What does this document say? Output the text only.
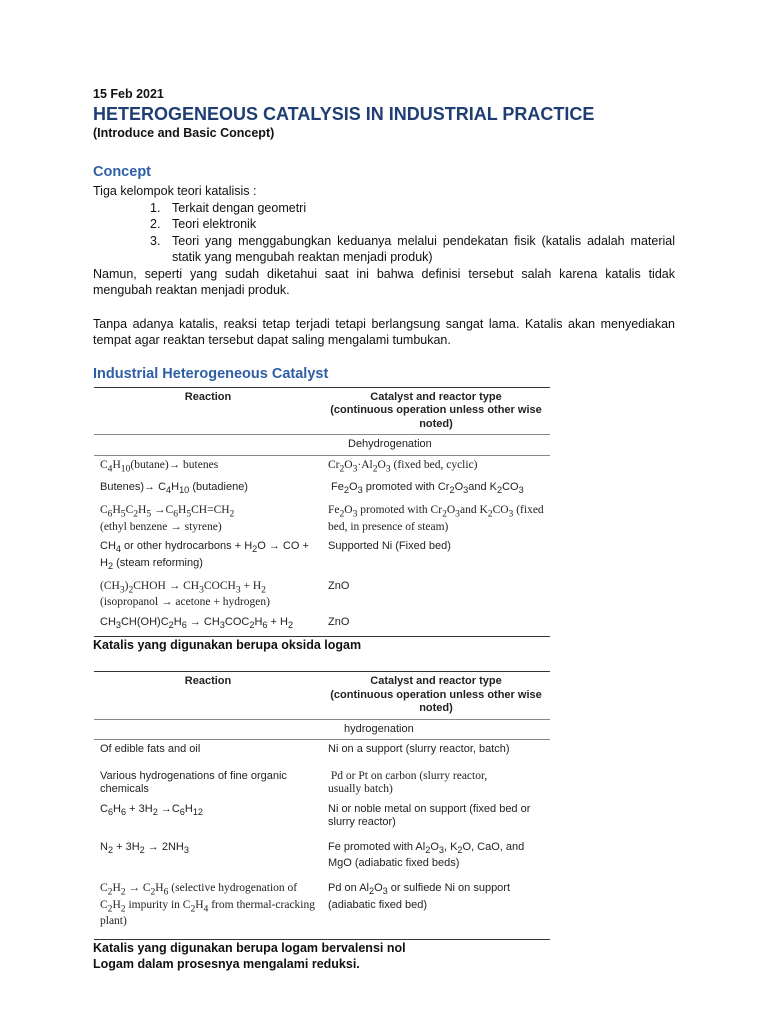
15 Feb 2021

HETEROGENEOUS CATALYSIS IN INDUSTRIAL PRACTICE

(Introduce and Basic Concept)

Concept

Tiga kelompok teori katalisis :

1. Terkait dengan geometri
2. Teori elektronik
3. Teori yang menggabungkan keduanya melalui pendekatan fisik (katalis adalah material statik yang mengubah reaktan menjadi produk)

Namun, seperti yang sudah diketahui saat ini bahwa definisi tersebut salah karena katalis tidak mengubah reaktan menjadi produk.

Tanpa adanya katalis, reaksi tetap terjadi tetapi berlangsung sangat lama. Katalis akan menyediakan tempat agar reaktan tersebut dapat saling mengalami tumbukan.

Industrial Heterogeneous Catalyst
Reaction	Catalyst and reactor type
(continuous operation unless other wise noted)
	Dehydrogenation
$C_4H_{10}(butane)\to$ butenes	$Cr_2O_3\cdot Al_2O_3$ (fixed bed, cyclic)
Butenes)→ $C_4H_{10}$ (butadiene)	$Fe_2O_3$ promoted with $Cr_2O_3and$ $K_2CO_3$
$C_6H_5C_2H_5 \to C_6H_5CH=CH_2$
(ethyl benzene → styrene)	$Fe_2O_3$ promoted with $Cr_2O_3and$ $K_2CO_3$ (fixed bed, in presence of steam)
$CH_4$ or other hydrocarbons + $H_2O$ → CO + $H_2$ (steam reforming)	Supported Ni (Fixed bed)
$(CH_3)_2CHOH$ → $CH_3COCH_3 + H_2$
(isopropanol → acetone + hydrogen)	ZnO
$CH_3CH(OH)C_2H_6 \to CH_3COC_2H_6 + H_2$	ZnO

Katalis yang digunakan berupa oksida logam

Reaction	Catalyst and reactor type
(continuous operation unless other wise noted)
	hydrogenation
Of edible fats and oil	Ni on a support (slurry reactor, batch)
Various hydrogenations of fine organic chemicals	Pd or Pt on carbon (slurry reactor,
usually batch)
$C_6H_6 + 3H_2 \to C_6H_{12}$	Ni or noble metal on support (fixed bed or slurry reactor)
$N_2 + 3H_2 \to 2NH_3$	Fe promoted with $Al_2O_3$, $K_2O$, CaO, and MgO (adiabatic fixed beds)
$C_2H_2 \to C_2H_6$ (selective hydrogenation of $C_2H_2$ impurity in $C_2H_4$ from thermal-cracking plant)	Pd on $Al_2O_3$ or sulfiede Ni on support (adiabatic fixed bed)

Katalis yang digunakan berupa logam bervalensi nol

Logam dalam prosesnya mengalami reduksi.
